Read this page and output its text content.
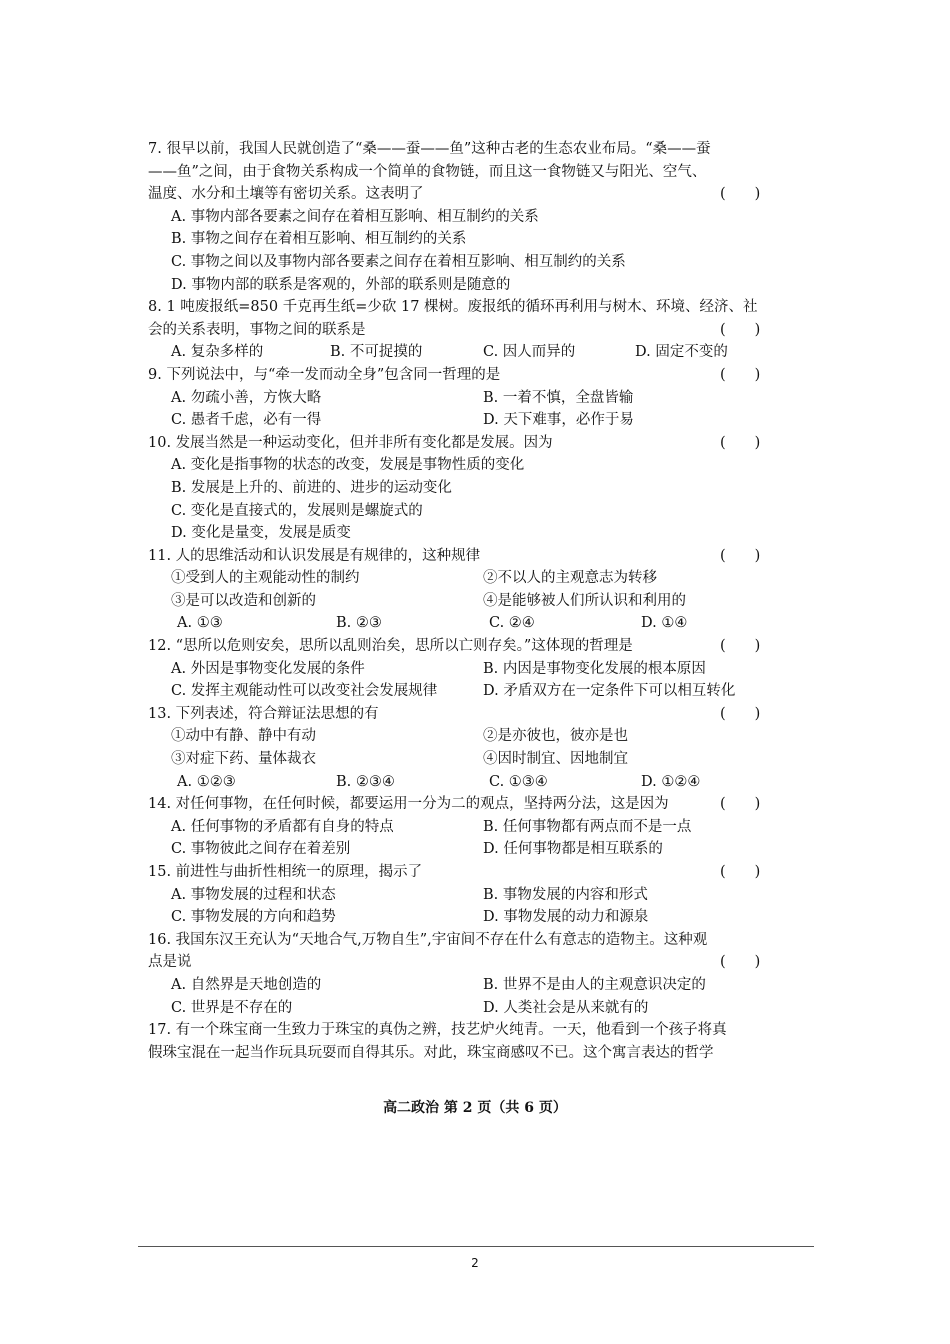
7. 很早以前，我国人民就创造了“桑——蚕——鱼”这种古老的生态农业布局。“桑——蚕
——鱼”之间，由于食物关系构成一个简单的食物链，而且这一食物链又与阳光、空气、
温度、水分和土壤等有密切关系。这表明了	(　　)
A. 事物内部各要素之间存在着相互影响、相互制约的关系
B. 事物之间存在着相互影响、相互制约的关系
C. 事物之间以及事物内部各要素之间存在着相互影响、相互制约的关系
D. 事物内部的联系是客观的，外部的联系则是随意的
8. 1 吨废报纸=850 千克再生纸=少砍 17 棵树。废报纸的循环再利用与树木、环境、经济、社
会的关系表明，事物之间的联系是	(　　)
A. 复杂多样的	B. 不可捉摸的	C. 因人而异的	D. 固定不变的
9. 下列说法中，与“牵一发而动全身”包含同一哲理的是	(　　)
A. 勿疏小善，方恢大略	B. 一着不慎，全盘皆输
C. 愚者千虑，必有一得	D. 天下难事，必作于易
10. 发展当然是一种运动变化，但并非所有变化都是发展。因为	(　　)
A. 变化是指事物的状态的改变，发展是事物性质的变化
B. 发展是上升的、前进的、进步的运动变化
C. 变化是直接式的，发展则是螺旋式的
D. 变化是量变，发展是质变
11. 人的思维活动和认识发展是有规律的，这种规律	(　　)
①受到人的主观能动性的制约	②不以人的主观意志为转移
③是可以改造和创新的	④是能够被人们所认识和利用的
A. ①③	B. ②③	C. ②④	D. ①④
12. “思所以危则安矣，思所以乱则治矣，思所以亡则存矣。”这体现的哲理是	(　　)
A. 外因是事物变化发展的条件	B. 内因是事物变化发展的根本原因
C. 发挥主观能动性可以改变社会发展规律	D. 矛盾双方在一定条件下可以相互转化
13. 下列表述，符合辩证法思想的有	(　　)
①动中有静、静中有动	②是亦彼也，彼亦是也
③对症下药、量体裁衣	④因时制宜、因地制宜
A. ①②③	B. ②③④	C. ①③④	D. ①②④
14. 对任何事物，在任何时候，都要运用一分为二的观点，坚持两分法，这是因为	(　　)
A. 任何事物的矛盾都有自身的特点	B. 任何事物都有两点而不是一点
C. 事物彼此之间存在着差别	D. 任何事物都是相互联系的
15. 前进性与曲折性相统一的原理，揭示了	(　　)
A. 事物发展的过程和状态	B. 事物发展的内容和形式
C. 事物发展的方向和趋势	D. 事物发展的动力和源泉
16. 我国东汉王充认为“天地合气,万物自生”,宇宙间不存在什么有意志的造物主。这种观
点是说	(　　)
A. 自然界是天地创造的	B. 世界不是由人的主观意识决定的
C. 世界是不存在的	D. 人类社会是从来就有的
17. 有一个珠宝商一生致力于珠宝的真伪之辨，技艺炉火纯青。一天，他看到一个孩子将真
假珠宝混在一起当作玩具玩耍而自得其乐。对此，珠宝商感叹不已。这个寓言表达的哲学
高二政治 第 2 页（共 6 页）
2
